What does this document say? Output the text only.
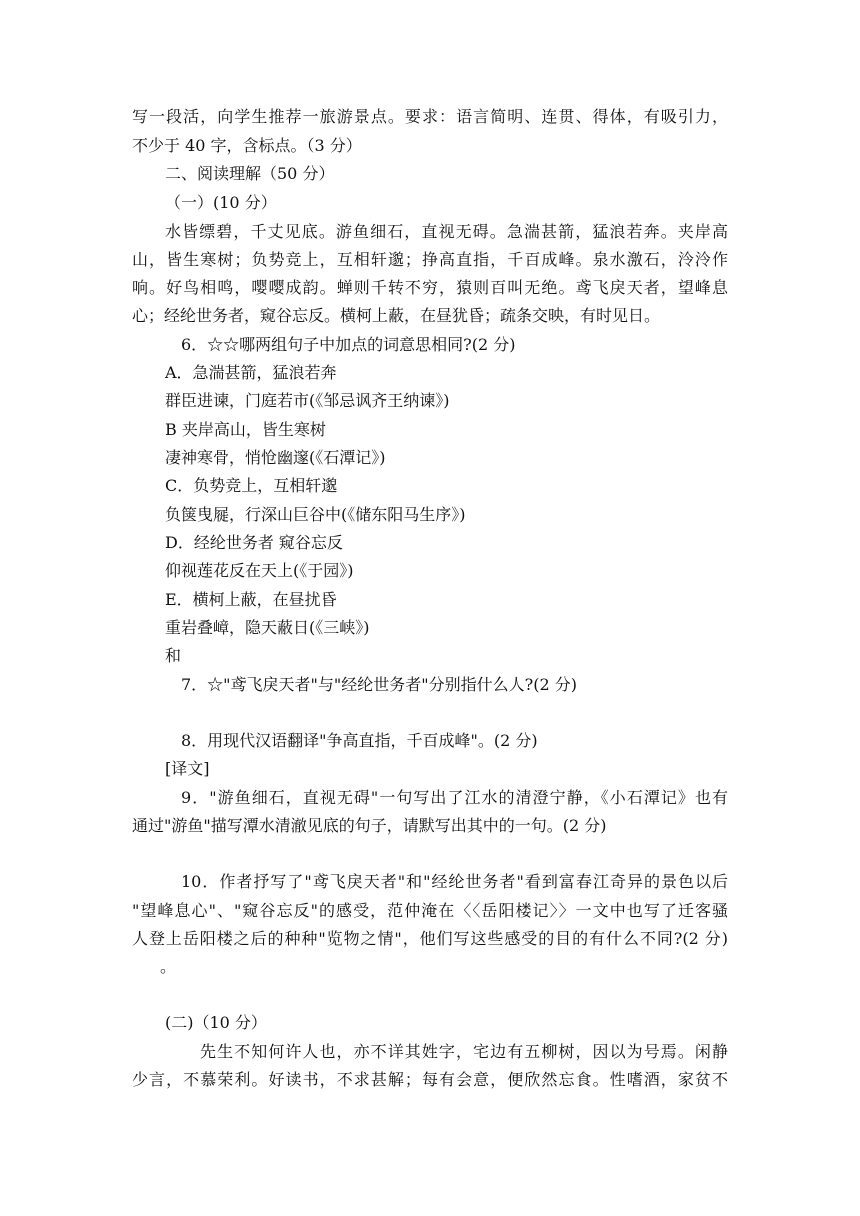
写一段活，向学生推荐一旅游景点。要求：语言简明、连贯、得体，有吸引力，
不少于 40 字，含标点。（3 分）
二、阅读理解（50 分）
（一）(10 分）
水皆缥碧，千丈见底。游鱼细石，直视无碍。急湍甚箭，猛浪若奔。夹岸高
山，皆生寒树；负势竞上，互相轩邈；挣高直指，千百成峰。泉水激石，泠泠作
响。好鸟相鸣，嘤嘤成韵。蝉则千转不穷，猿则百叫无绝。鸢飞戾天者，望峰息
心；经纶世务者，窥谷忘反。横柯上蔽，在昼犹昏；疏条交映，有时见日。
6．☆☆哪两组句子中加点的词意思相同?(2 分)
A．急湍甚箭，猛浪若奔
群臣进谏，门庭若市(《邹忌讽齐王纳谏》)
B 夹岸高山，皆生寒树
凄神寒骨，悄怆幽邃(《石潭记》)
C．负势竞上，互相轩邈
负箧曳屣，行深山巨谷中(《储东阳马生序》)
D．经纶世务者 窥谷忘反
仰视莲花反在天上(《于园》)
E．横柯上蔽，在昼扰昏
重岩叠嶂，隐天蔽日(《三峡》)
和
7．☆"鸢飞戾天者"与"经纶世务者"分别指什么人?(2 分)
8．用现代汉语翻译"争高直指，千百成峰"。(2 分)
[译文]
9．"游鱼细石，直视无碍"一句写出了江水的清澄宁静，《小石潭记》也有
通过"游鱼"描写潭水清澈见底的句子，请默写出其中的一句。(2 分)
10．作者抒写了"鸢飞戾天者"和"经纶世务者"看到富春江奇异的景色以后
"望峰息心"、"窥谷忘反"的感受，范仲淹在〈〈岳阳楼记〉〉一文中也写了迁客骚
人登上岳阳楼之后的种种"览物之情"，他们写这些感受的目的有什么不同?(2 分)
。
(二)（10 分）
先生不知何许人也，亦不详其姓字，宅边有五柳树，因以为号焉。闲静
少言，不慕荣利。好读书，不求甚解；每有会意，便欣然忘食。性嗜酒，家贫不
